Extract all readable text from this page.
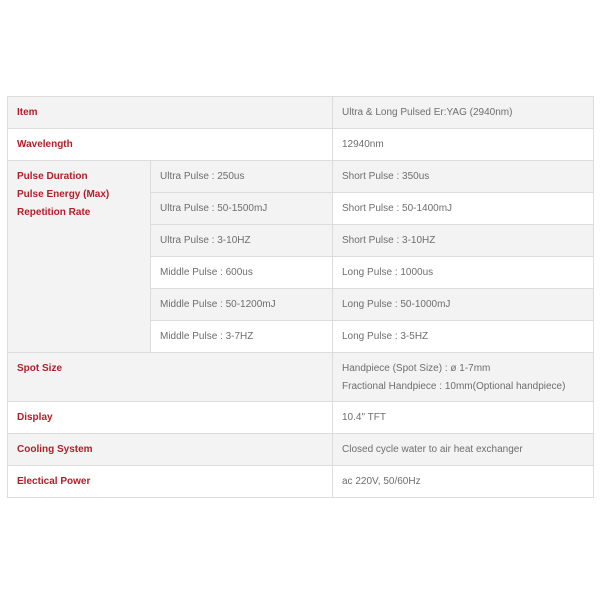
Item		Ultra & Long Pulsed Er:YAG (2940nm)
Wavelength		12940nm

Pulse Duration
Pulse Energy (Max)
Repetition Rate	Ultra Pulse : 250us	Short Pulse : 350us
	Ultra Pulse : 50-1500mJ	Short Pulse : 50-1400mJ
	Ultra Pulse : 3-10HZ	Short Pulse : 3-10HZ
	Middle Pulse : 600us	Long Pulse : 1000us
	Middle Pulse : 50-1200mJ	Long Pulse : 50-1000mJ
	Middle Pulse : 3-7HZ	Long Pulse : 3-5HZ
Spot Size		Handpiece (Spot Size) : ø 1-7mm
Fractional Handpiece : 10mm(Optional handpiece)

Display		10.4" TFT
Cooling System		Closed cycle water to air heat exchanger
Electical Power		ac 220V, 50/60Hz
